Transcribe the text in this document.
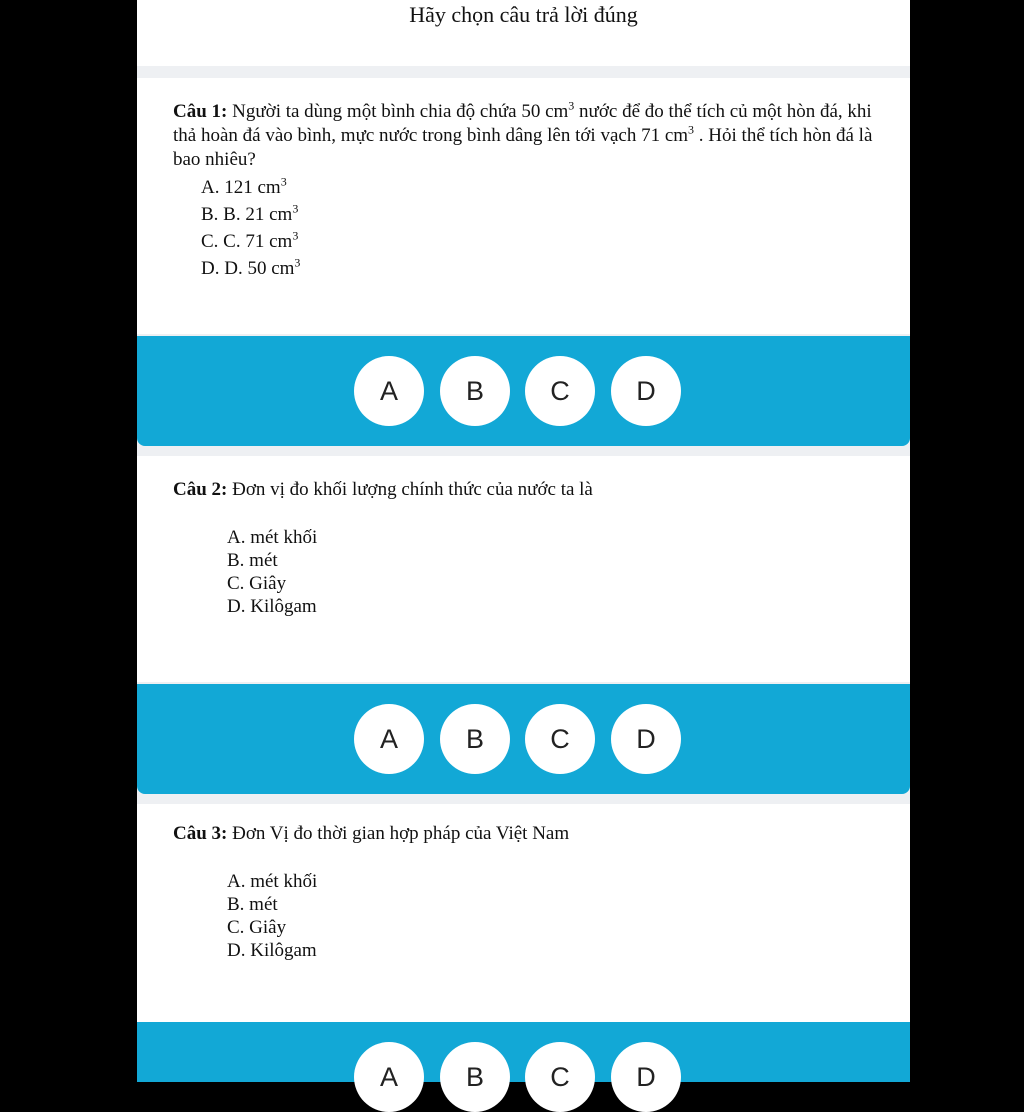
Hãy chọn câu trả lời đúng
Câu 1: Người ta dùng một bình chia độ chứa 50 $cm^3$ nước để đo thể tích củ một hòn đá, khi thả hoàn đá vào bình, mực nước trong bình dâng lên tới vạch 71 $cm^3$ . Hỏi thể tích hòn đá là bao nhiêu?
A. 121 $cm^3$
B. B. 21 $cm^3$
C. C. 71 $cm^3$
D. D. 50 $cm^3$
A	B	C	D
Câu 2: Đơn vị đo khối lượng chính thức của nước ta là
A. mét khối
B. mét
C. Giây
D. Kilôgam
A	B	C	D
Câu 3: Đơn Vị đo thời gian hợp pháp của Việt Nam
A. mét khối
B. mét
C. Giây
D. Kilôgam
A	B	C	D
